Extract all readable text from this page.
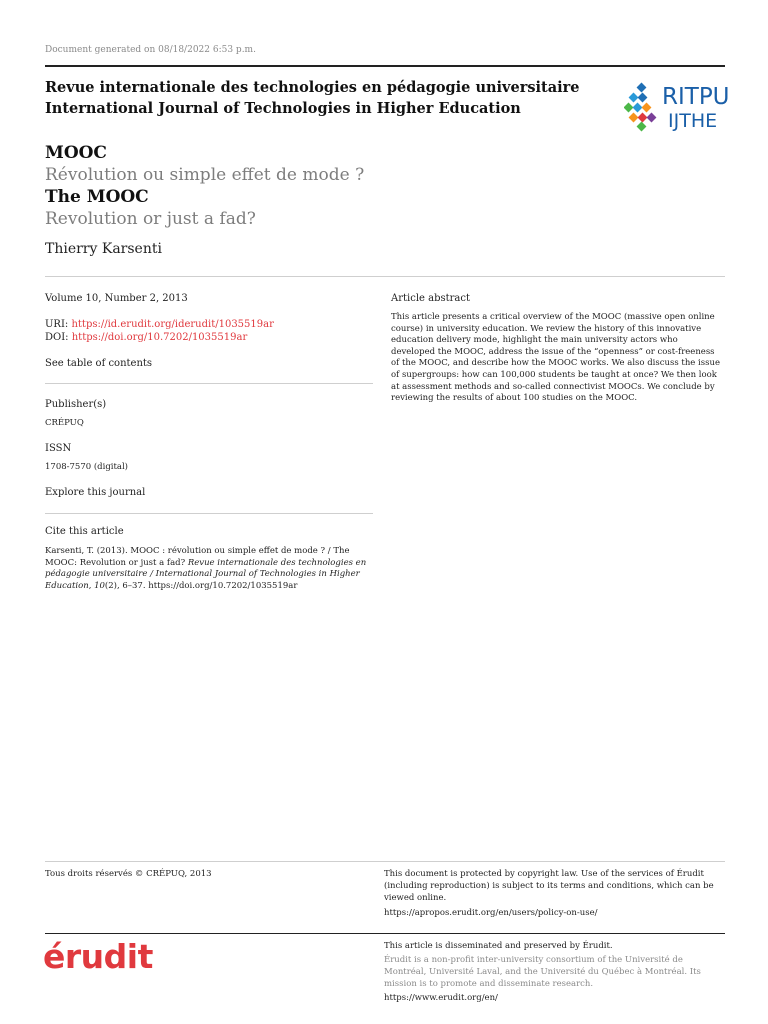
Document generated on 08/18/2022 6:53 p.m.
Revue internationale des technologies en pédagogie universitaire
International Journal of Technologies in Higher Education	RITPU
IJTHE
MOOC
Révolution ou simple effet de mode ?
The MOOC
Revolution or just a fad?
Thierry Karsenti
Volume 10, Number 2, 2013
URI: https://id.erudit.org/iderudit/1035519ar
DOI: https://doi.org/10.7202/1035519ar
See table of contents
Publisher(s)
CRÉPUQ
ISSN
1708-7570 (digital)
Explore this journal
Cite this article
Karsenti, T. (2013). MOOC : révolution ou simple effet de mode ? / The MOOC: Revolution or just a fad? Revue internationale des technologies en pédagogie universitaire / International Journal of Technologies in Higher Education, 10(2), 6–37. https://doi.org/10.7202/1035519ar
Article abstract
This article presents a critical overview of the MOOC (massive open online course) in university education. We review the history of this innovative education delivery mode, highlight the main university actors who developed the MOOC, address the issue of the “openness” or cost-freeness of the MOOC, and describe how the MOOC works. We also discuss the issue of supergroups: how can 100,000 students be taught at once? We then look at assessment methods and so-called connectivist MOOCs. We conclude by reviewing the results of about 100 studies on the MOOC.
Tous droits réservés © CRÉPUQ, 2013	This document is protected by copyright law. Use of the services of Érudit (including reproduction) is subject to its terms and conditions, which can be viewed online.
https://apropos.erudit.org/en/users/policy-on-use/
érudit	This article is disseminated and preserved by Érudit.
Érudit is a non-profit inter-university consortium of the Université de Montréal, Université Laval, and the Université du Québec à Montréal. Its mission is to promote and disseminate research.
https://www.erudit.org/en/
